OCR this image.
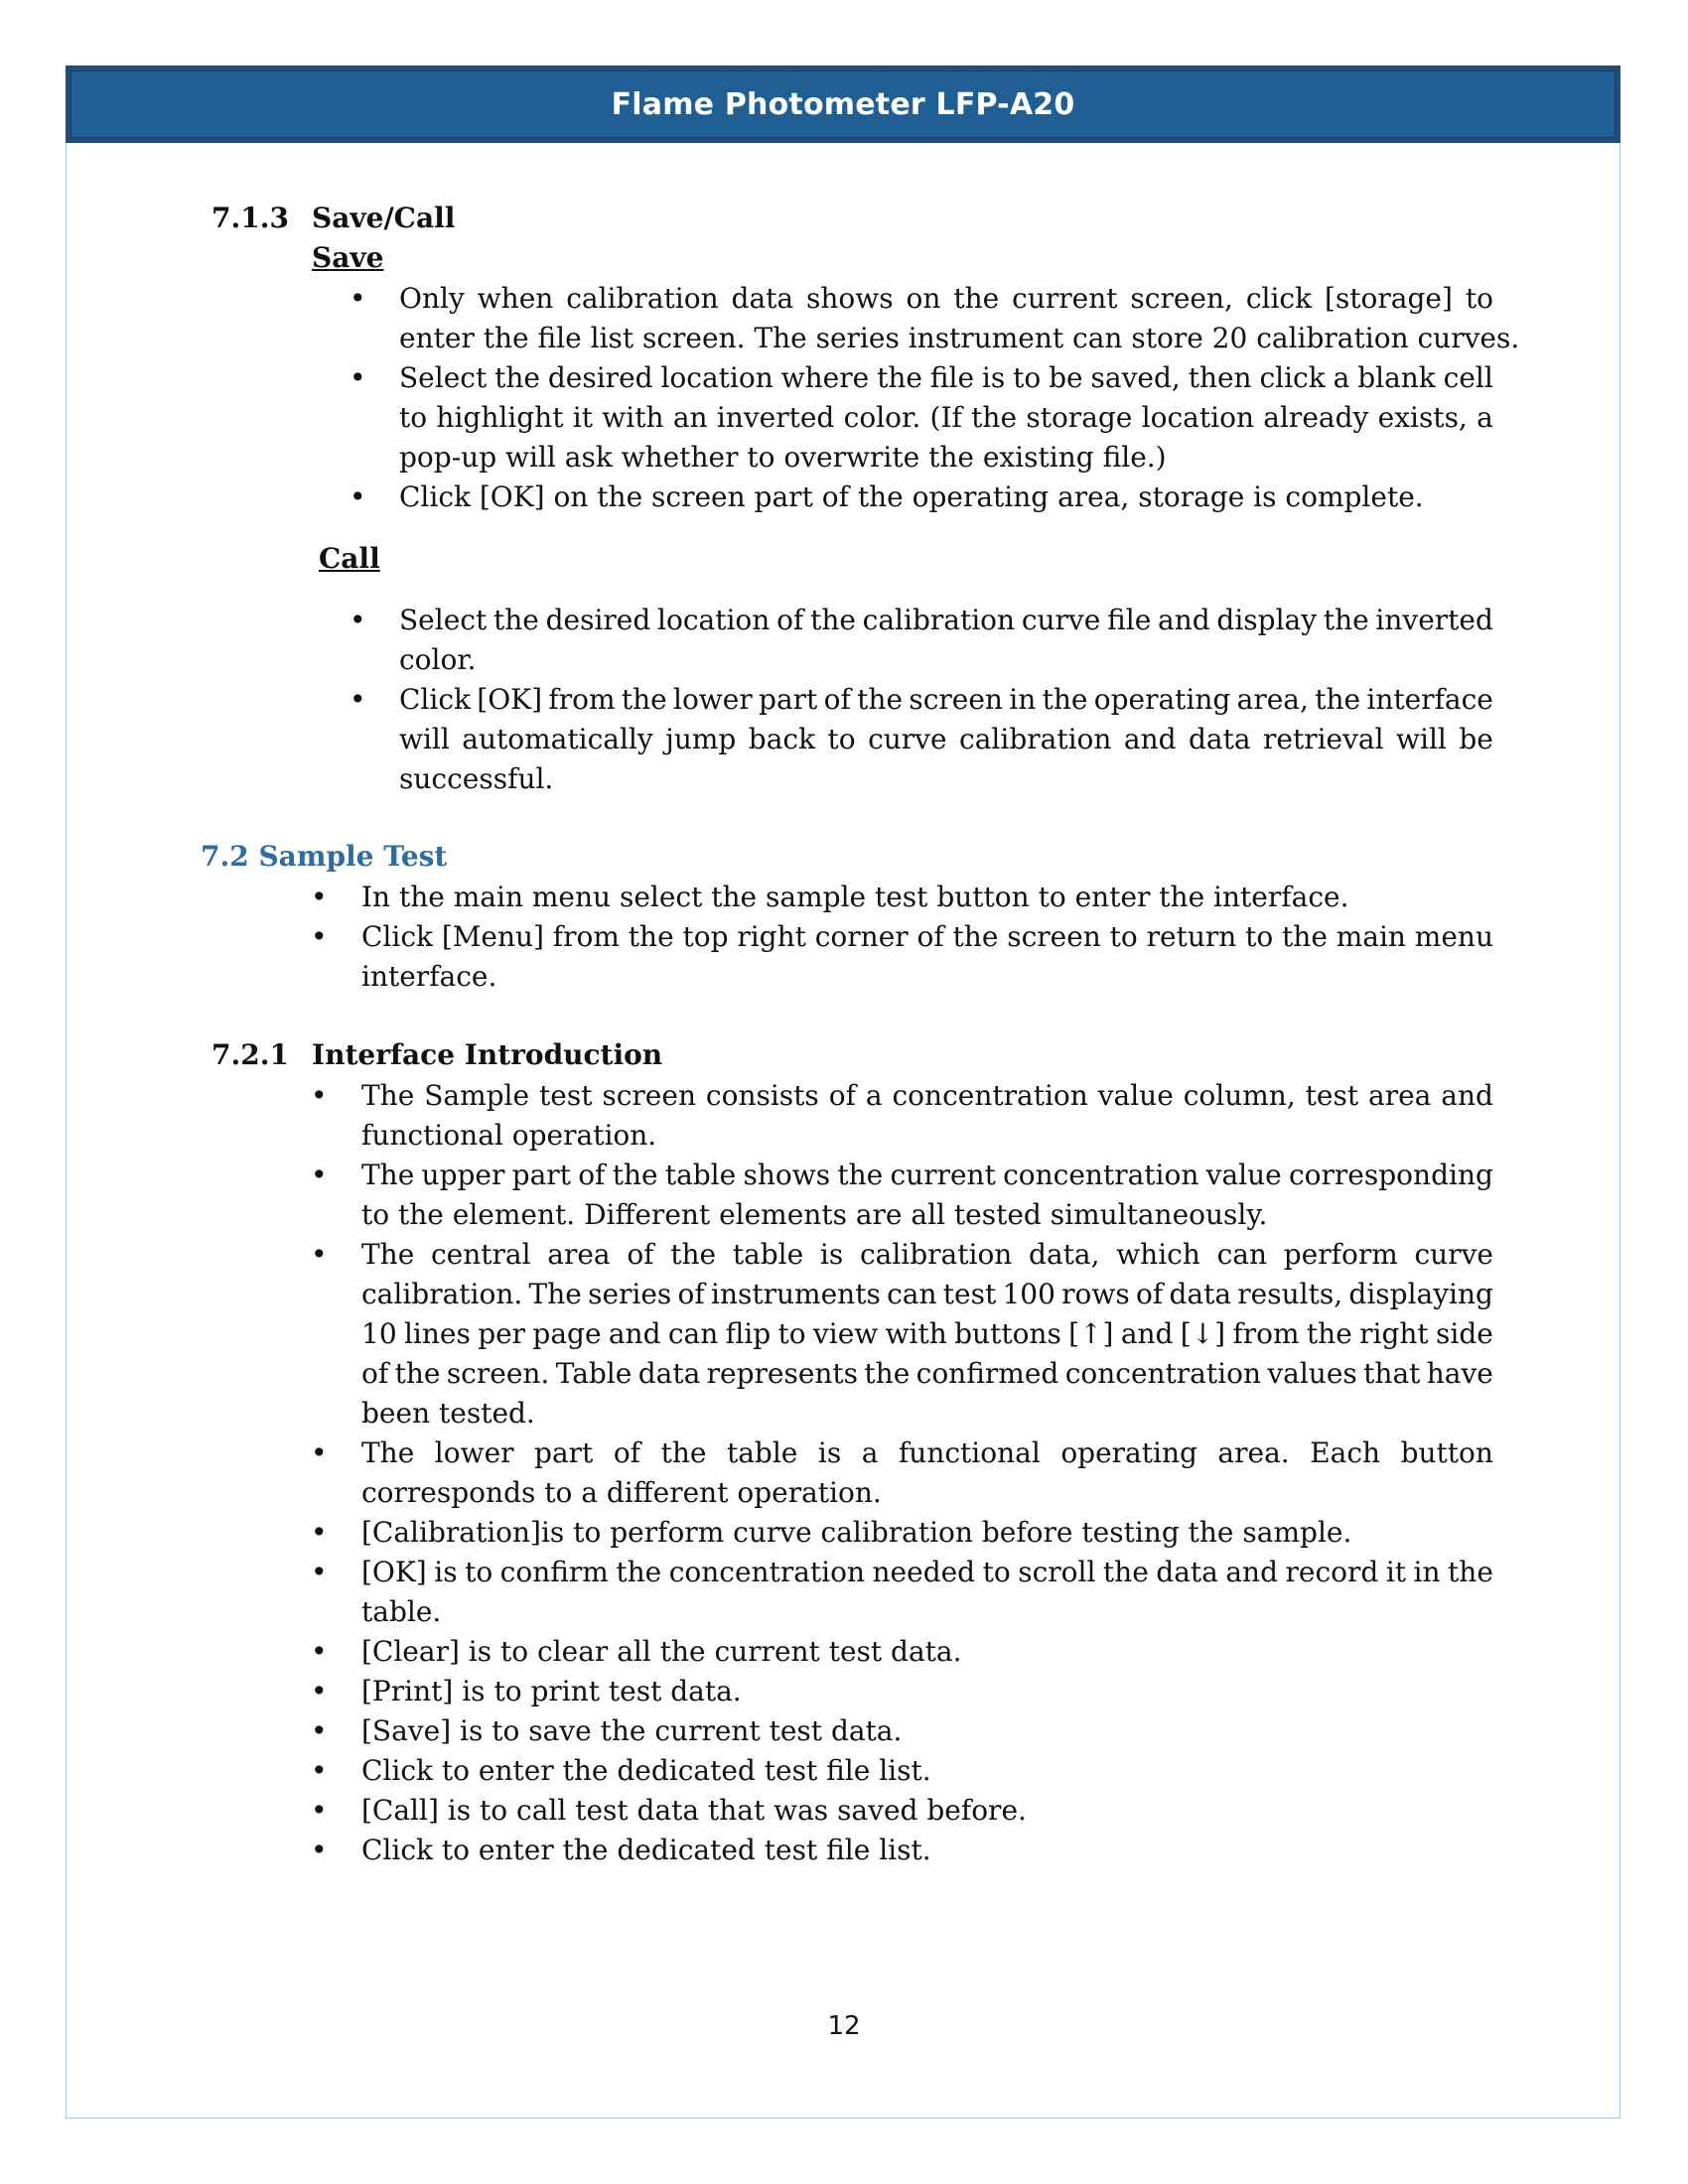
Flame Photometer LFP-A20
7.1.3 Save/Call
Save
• Only when calibration data shows on the current screen, click [storage] to
enter the file list screen. The series instrument can store 20 calibration curves.
• Select the desired location where the file is to be saved, then click a blank cell
to highlight it with an inverted color. (If the storage location already exists, a
pop-up will ask whether to overwrite the existing file.)
• Click [OK] on the screen part of the operating area, storage is complete.
Call
• Select the desired location of the calibration curve file and display the inverted
color.
• Click [OK] from the lower part of the screen in the operating area, the interface
will automatically jump back to curve calibration and data retrieval will be
successful.
7.2 Sample Test
• In the main menu select the sample test button to enter the interface.
• Click [Menu] from the top right corner of the screen to return to the main menu
interface.
7.2.1 Interface Introduction
• The Sample test screen consists of a concentration value column, test area and
functional operation.
• The upper part of the table shows the current concentration value corresponding
to the element. Different elements are all tested simultaneously.
• The central area of the table is calibration data, which can perform curve
calibration. The series of instruments can test 100 rows of data results, displaying
10 lines per page and can flip to view with buttons [↑] and [↓] from the right side
of the screen. Table data represents the confirmed concentration values that have
been tested.
• The lower part of the table is a functional operating area. Each button
corresponds to a different operation.
• [Calibration]is to perform curve calibration before testing the sample.
• [OK] is to confirm the concentration needed to scroll the data and record it in the
table.
• [Clear] is to clear all the current test data.
• [Print] is to print test data.
• [Save] is to save the current test data.
• Click to enter the dedicated test file list.
• [Call] is to call test data that was saved before.
• Click to enter the dedicated test file list.
12
